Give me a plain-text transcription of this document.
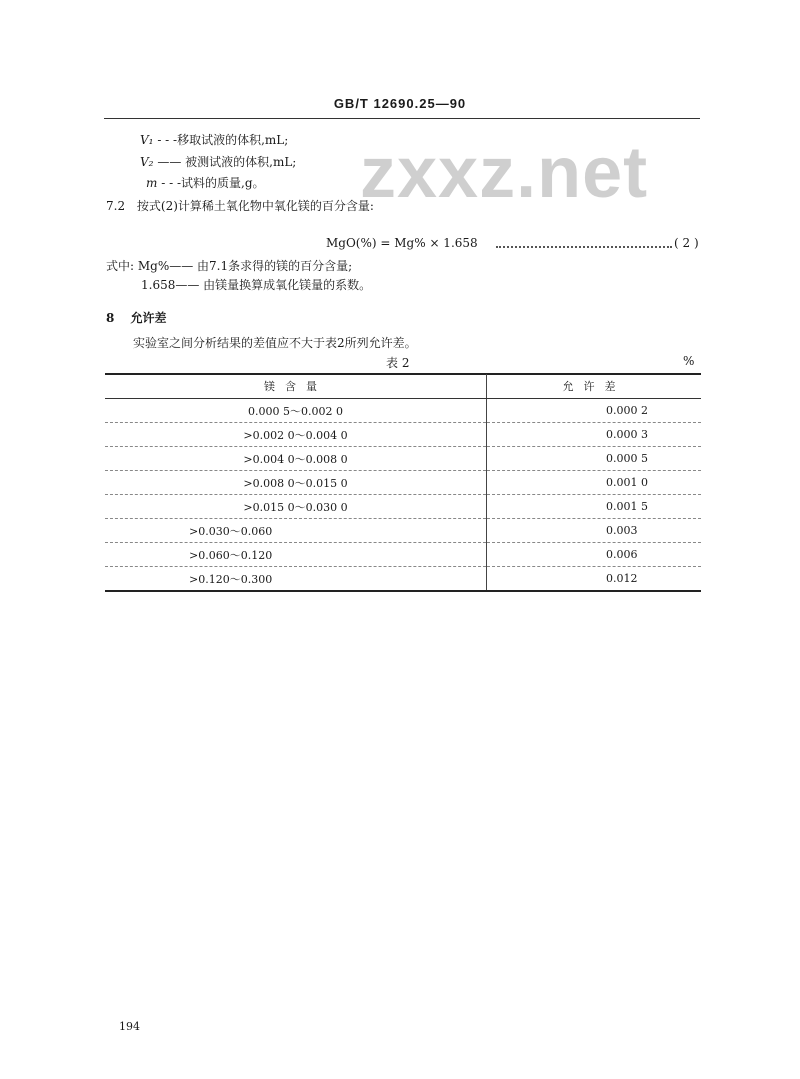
GB/T 12690.25—90
zxxz.net
V₁ - - -移取试液的体积,mL;
V₂ —— 被测试液的体积,mL;
m - - -试料的质量,g。
7.2 按式(2)计算稀土氧化物中氧化镁的百分含量:
MgO(%) = Mg% × 1.658	( 2 )
式中: Mg%—— 由7.1条求得的镁的百分含量;
1.658—— 由镁量换算成氧化镁量的系数。
8 允许差
实验室之间分析结果的差值应不大于表2所列允许差。
表 2	%
镁含量	允许差
0.000 5～0.002 0	0.000 2
>0.002 0～0.004 0	0.000 3
>0.004 0～0.008 0	0.000 5
>0.008 0～0.015 0	0.001 0
>0.015 0～0.030 0	0.001 5
>0.030～0.060	0.003
>0.060～0.120	0.006
>0.120～0.300	0.012
194
